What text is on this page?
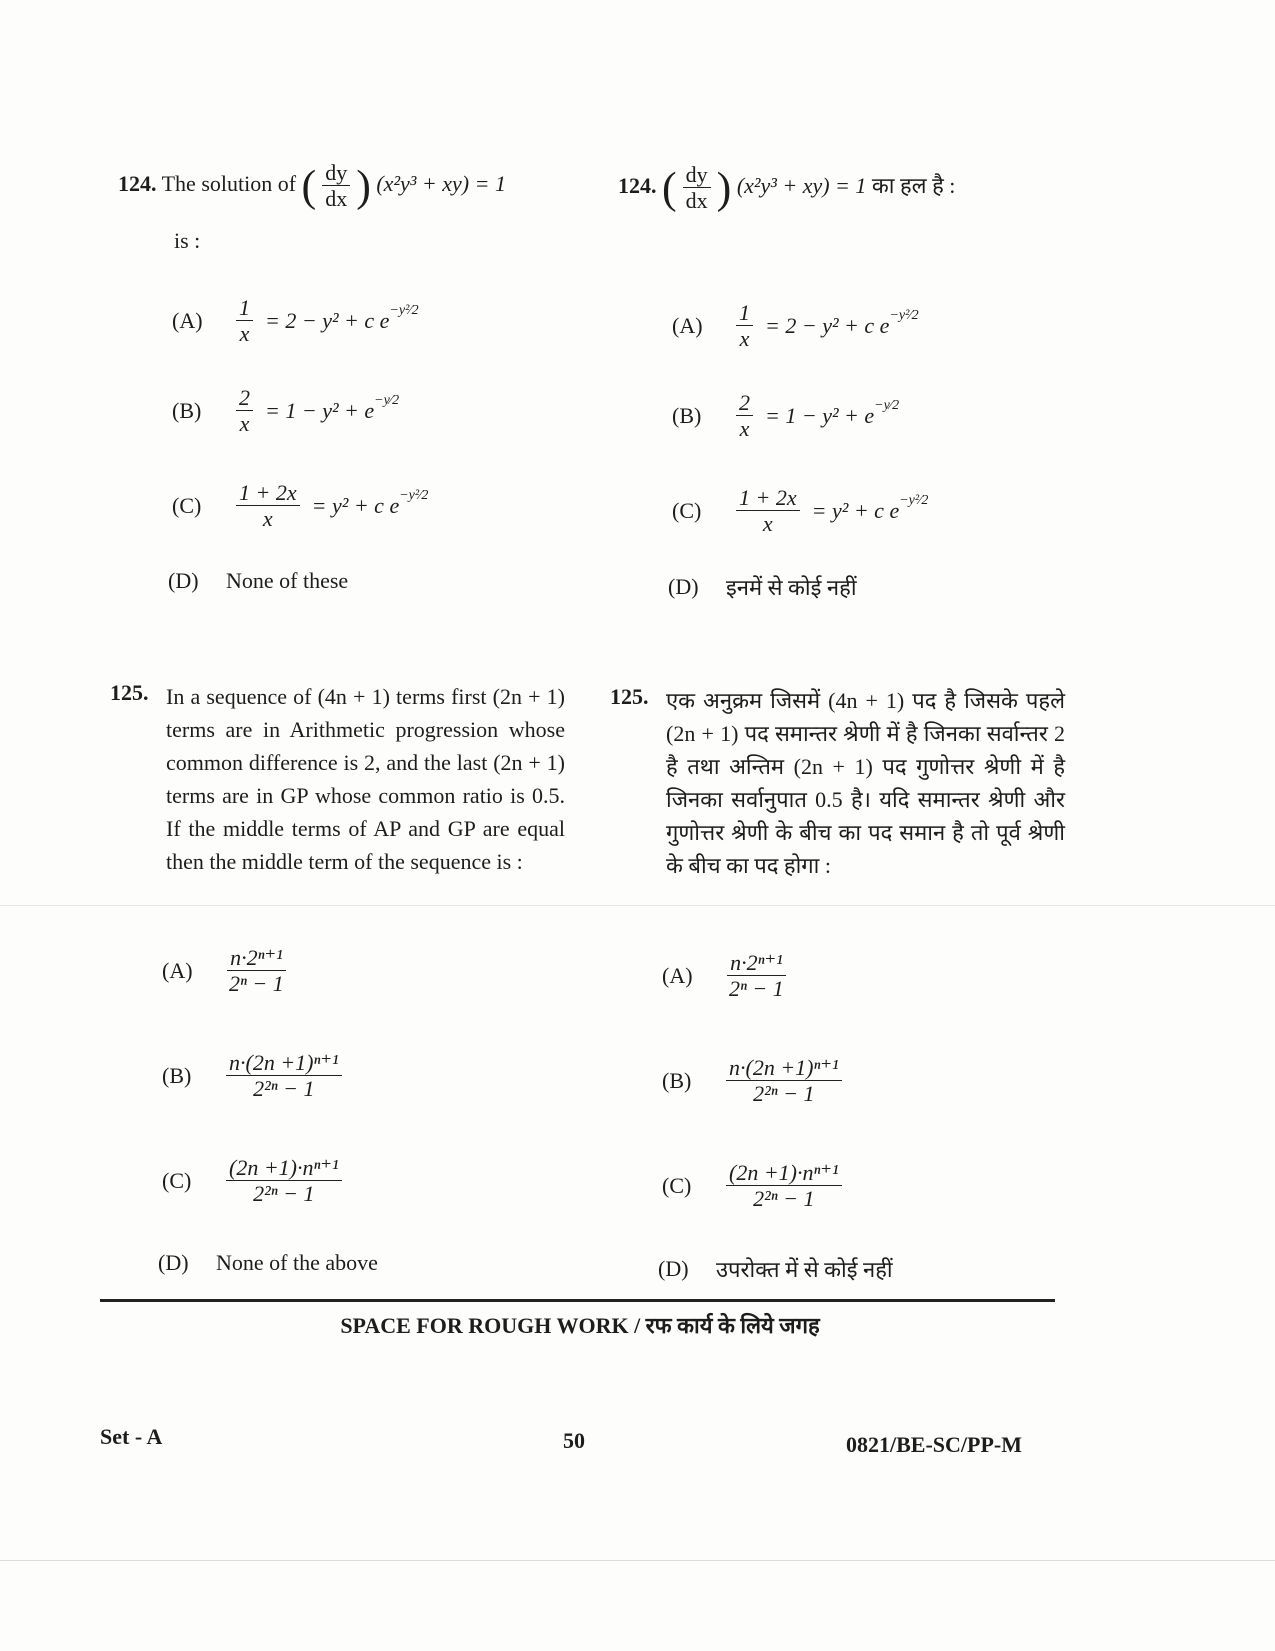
124. The solution of ( $\frac{dy}{dx}$ ) (x²y³ + xy) = 1
is :
124. ( $\frac{dy}{dx}$ ) (x²y³ + xy) = 1 का हल है :
(A)	$\frac{1}{x} = 2 - y^2 + c$ $e^{-y^2⁄2}$
(B)	$\frac{2}{x} = 1 - y^2 + e^{-y⁄2}$
(C)	$\frac{1 + 2x}{x} = y^2 + c$ $e^{-y^2⁄2}$
(D)	None of these
(A)	$\frac{1}{x} = 2 - y^2 + c$ $e^{-y^2⁄2}$
(B)	$\frac{2}{x} = 1 - y^2 + e^{-y⁄2}$
(C)	$\frac{1 + 2x}{x} = y^2 + c$ $e^{-y^2⁄2}$
(D)	इनमें से कोई नहीं
125. In a sequence of (4n + 1) terms first (2n + 1) terms are in Arithmetic progression whose common difference is 2, and the last (2n + 1) terms are in GP whose common ratio is 0.5. If the middle terms of AP and GP are equal then the middle term of the sequence is :
125. एक अनुक्रम जिसमें (4n + 1) पद है जिसके पहले (2n + 1) पद समान्तर श्रेणी में है जिनका सर्वान्तर 2 है तथा अन्तिम (2n + 1) पद गुणोत्तर श्रेणी में है जिनका सर्वानुपात 0.5 है। यदि समान्तर श्रेणी और गुणोत्तर श्रेणी के बीच का पद समान है तो पूर्व श्रेणी के बीच का पद होगा :
(A)	$\frac{\text{n·2ⁿ⁺¹}}{\text{2ⁿ − 1}}$
(B)	$\frac{\text{n·(2n +1)ⁿ⁺¹}}{\text{2²ⁿ − 1}}$
(C)	$\frac{\text{(2n +1)·nⁿ⁺¹}}{\text{2²ⁿ − 1}}$
(D)	None of the above
(A)	$\frac{\text{n·2ⁿ⁺¹}}{\text{2ⁿ − 1}}$
(B)	$\frac{\text{n·(2n +1)ⁿ⁺¹}}{\text{2²ⁿ − 1}}$
(C)	$\frac{\text{(2n +1)·nⁿ⁺¹}}{\text{2²ⁿ − 1}}$
(D)	उपरोक्त में से कोई नहीं
SPACE FOR ROUGH WORK / रफ कार्य के लिये जगह
Set - A	50	0821/BE-SC/PP-M
